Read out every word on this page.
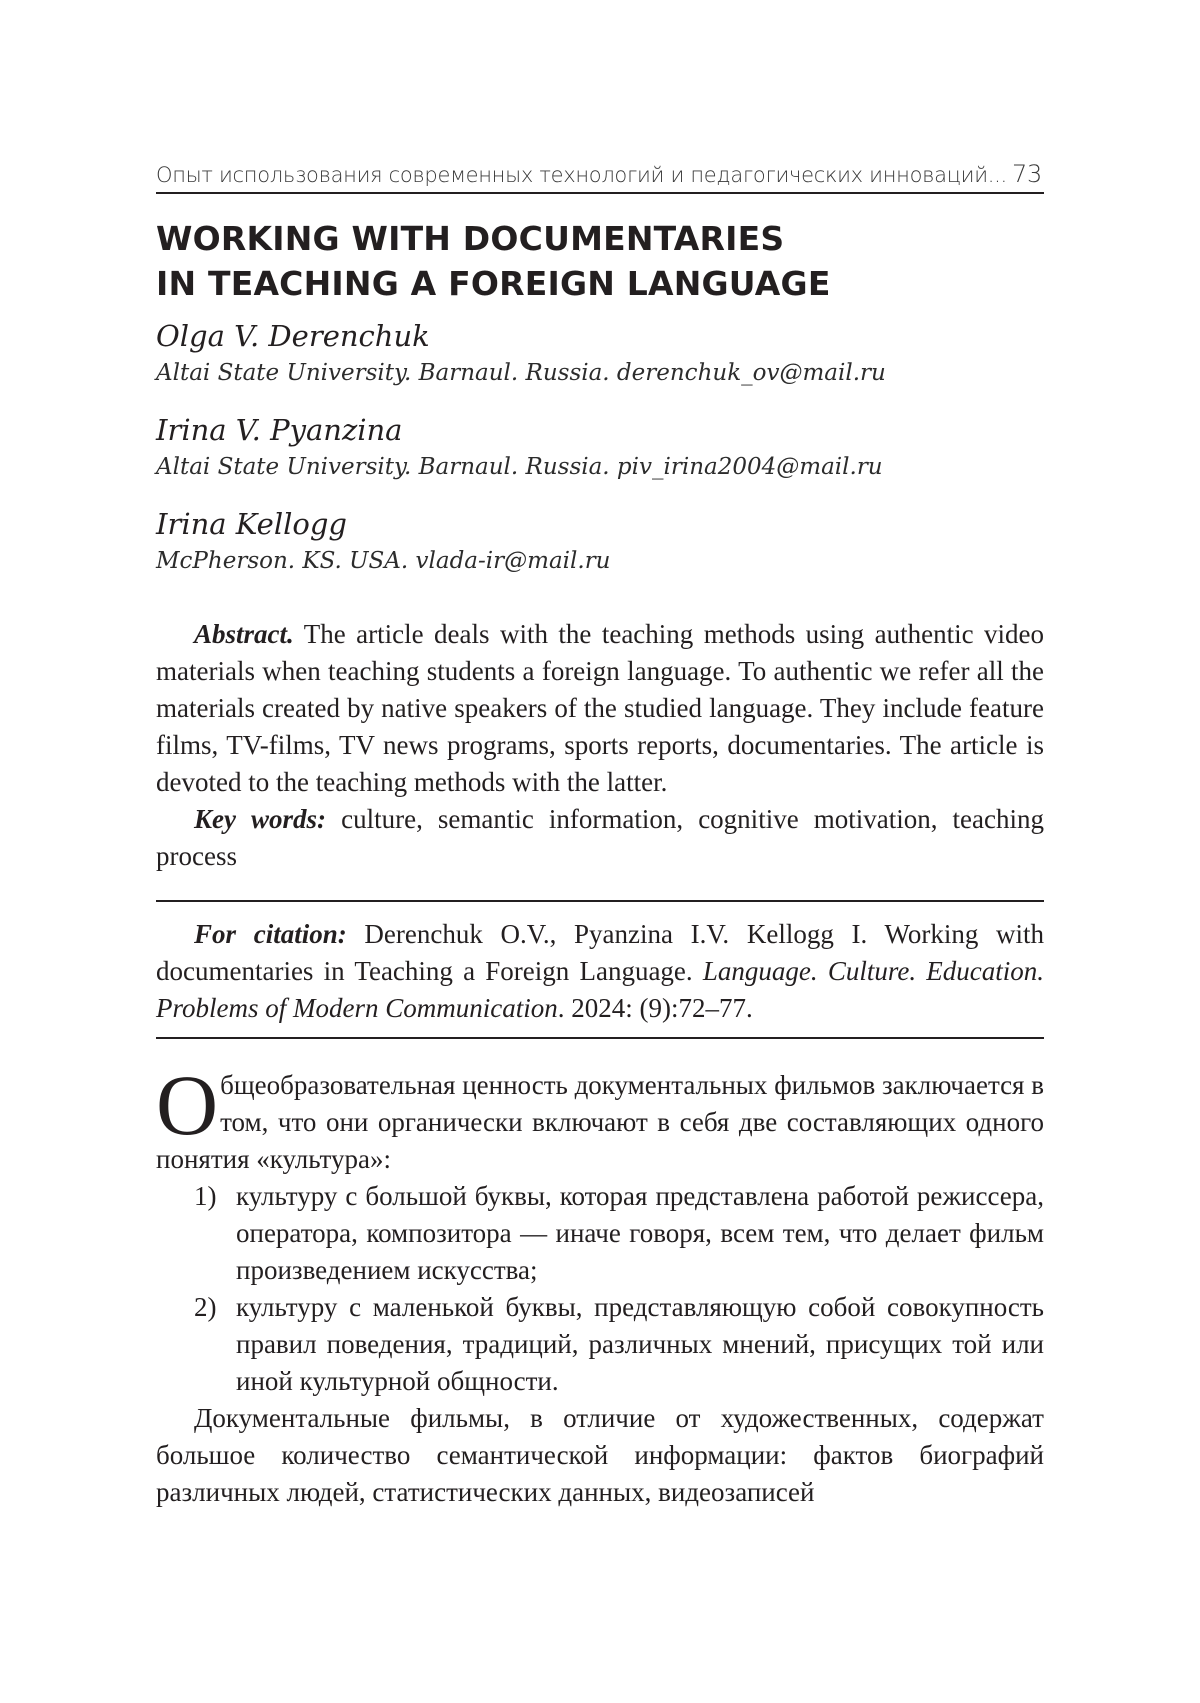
Опыт использования современных технологий и педагогических инноваций... 73
WORKING WITH DOCUMENTARIES
IN TEACHING A FOREIGN LANGUAGE
Olga V. Derenchuk
Altai State University. Barnaul. Russia. derenchuk_ov@mail.ru
Irina V. Pyanzina
Altai State University. Barnaul. Russia. piv_irina2004@mail.ru
Irina Kellogg
McPherson. KS. USA. vlada-ir@mail.ru

Abstract. The article deals with the teaching methods using authentic video materials when teaching students a foreign language. To authentic we refer all the materials created by native speakers of the studied language. They include feature films, TV-films, TV news programs, sports reports, documentaries. The article is devoted to the teaching methods with the latter.

Key words: culture, semantic information, cognitive motivation, teaching process

For citation: Derenchuk O.V., Pyanzina I.V. Kellogg I. Working with documentaries in Teaching a Foreign Language. Language. Culture. Education. Problems of Modern Communication. 2024: (9):72–77.

Общеобразовательная ценность документальных фильмов заключается в том, что они органически включают в себя две составляющих одного понятия «культура»:

1) культуру с большой буквы, которая представлена работой режиссера, оператора, композитора — иначе говоря, всем тем, что делает фильм произведением искусства;
2) культуру с маленькой буквы, представляющую собой совокупность правил поведения, традиций, различных мнений, присущих той или иной культурной общности.

Документальные фильмы, в отличие от художественных, содержат большое количество семантической информации: фактов биографий различных людей, статистических данных, видеозаписей
